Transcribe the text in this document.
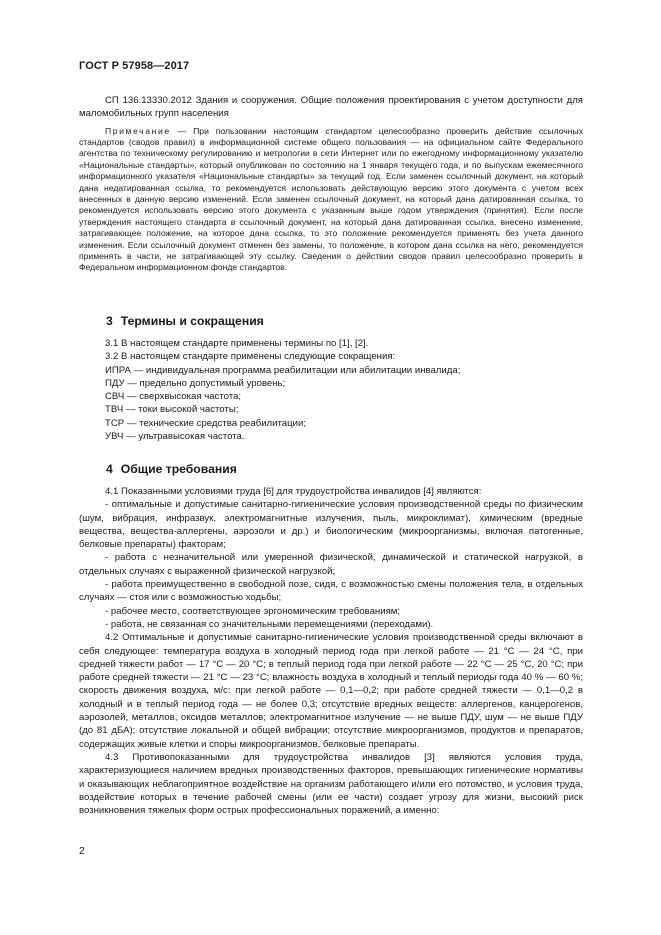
ГОСТ Р 57958—2017

СП 136.13330.2012 Здания и сооружения. Общие положения проектирования с учетом доступности для маломобильных групп населения

Примечание — При пользовании настоящим стандартом целесообразно проверить действие ссылочных стандартов (сводов правил) в информационной системе общего пользования — на официальном сайте Федерального агентства по техническому регулированию и метрологии в сети Интернет или по ежегодному информационному указателю «Национальные стандарты», который опубликован по состоянию на 1 января текущего года, и по выпускам ежемесячного информационного указателя «Национальные стандарты» за текущий год. Если заменен ссылочный документ, на который дана недатированная ссылка, то рекомендуется использовать действующую версию этого документа с учетом всех внесенных в данную версию изменений. Если заменен ссылочный документ, на который дана датированная ссылка, то рекомендуется использовать версию этого документа с указанным выше годом утверждения (принятия). Если после утверждения настоящего стандарта в ссылочный документ, на который дана датированная ссылка, внесено изменение, затрагивающее положение, на которое дана ссылка, то это положение рекомендуется применять без учета данного изменения. Если ссылочный документ отменен без замены, то положение, в котором дана ссылка на него, рекомендуется применять в части, не затрагивающей эту ссылку. Сведения о действии сводов правил целесообразно проверить в Федеральном информационном фонде стандартов.

3 Термины и сокращения

3.1 В настоящем стандарте применены термины по [1], [2].

3.2 В настоящем стандарте применены следующие сокращения:

ИПРА — индивидуальная программа реабилитации или абилитации инвалида;
ПДУ — предельно допустимый уровень;
СВЧ — сверхвысокая частота;
ТВЧ — токи высокой частоты;
ТСР — технические средства реабилитации;
УВЧ — ультравысокая частота.
4 Общие требования

4.1 Показанными условиями труда [6] для трудоустройства инвалидов [4] являются:

- оптимальные и допустимые санитарно-гигиенические условия производственной среды по физическим (шум, вибрация, инфразвук, электромагнитные излучения, пыль, микроклимат), химическим (вредные вещества, вещества-аллергены, аэрозоли и др.) и биологическим (микроорганизмы, включая патогенные, белковые препараты) факторам;

- работа с незначительной или умеренной физической, динамической и статической нагрузкой, в отдельных случаях с выраженной физической нагрузкой;

- работа преимущественно в свободной позе, сидя, с возможностью смены положения тела, в отдельных случаях — стоя или с возможностью ходьбы;

- рабочее место, соответствующее эргономическим требованиям;

- работа, не связанная со значительными перемещениями (переходами).

4.2 Оптимальные и допустимые санитарно-гигиенические условия производственной среды включают в себя следующее: температура воздуха в холодный период года при легкой работе — 21 °С — 24 °С, при средней тяжести работ — 17 °С — 20 °С; в теплый период года при легкой работе — 22 °С — 25 °С, 20 °С; при работе средней тяжести — 21 °С — 23 °С; влажность воздуха в холодный и теплый периоды года 40 % — 60 %; скорость движения воздуха, м/с: при легкой работе — 0,1—0,2; при работе средней тяжести — 0,1—0,2 в холодный и в теплый период года — не более 0,3; отсутствие вредных веществ: аллергенов, канцерогенов, аэрозолей, металлов, оксидов металлов; электромагнитное излучение — не выше ПДУ, шум — не выше ПДУ (до 81 дБА); отсутствие локальной и общей вибрации; отсутствие микроорганизмов, продуктов и препаратов, содержащих живые клетки и споры микроорганизмов, белковые препараты.

4.3 Противопоказанными для трудоустройства инвалидов [3] являются условия труда, характеризующиеся наличием вредных производственных факторов, превышающих гигиенические нормативы и оказывающих неблагоприятное воздействие на организм работающего и/или его потомство, и условия труда, воздействие которых в течение рабочей смены (или ее части) создает угрозу для жизни, высокий риск возникновения тяжелых форм острых профессиональных поражений, а именно:

2
